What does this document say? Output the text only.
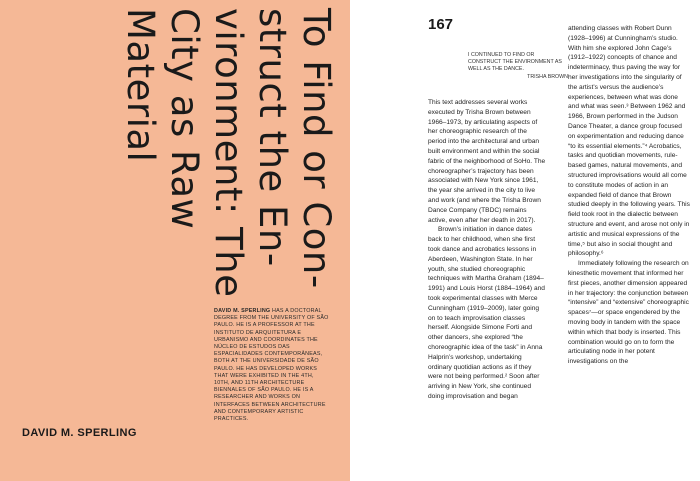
To Find or Con-
struct the En-
vironment: The
City as Raw
Material
DAVID M. SPERLING HAS A DOCTORAL DEGREE FROM THE UNIVERSITY OF SÃO PAULO. HE IS A PROFESSOR AT THE INSTITUTO DE ARQUITETURA E URBANISMO AND COORDINATES THE NÚCLEO DE ESTUDOS DAS ESPACIALIDADES CONTEMPORÂNEAS, BOTH AT THE UNIVERSIDADE DE SÃO PAULO. HE HAS DEVELOPED WORKS THAT WERE EXHIBITED IN THE 4TH, 10TH, AND 11TH ARCHITECTURE BIENNALES OF SÃO PAULO. HE IS A RESEARCHER AND WORKS ON INTERFACES BETWEEN ARCHITECTURE AND CONTEMPORARY ARTISTIC PRACTICES.
DAVID M. SPERLING
167
I CONTINUED TO FIND OR CONSTRUCT THE ENVIRONMENT AS WELL AS THE DANCE.
TRISHA BROWN

This text addresses several works executed by Trisha Brown between 1966–1973, by articulating aspects of her choreographic research of the period into the architectural and urban built environment and within the social fabric of the neighborhood of SoHo. The choreographer’s trajectory has been associated with New York since 1961, the year she arrived in the city to live and work (and where the Trisha Brown Dance Company (TBDC) remains active, even after her death in 2017).

Brown’s initiation in dance dates back to her childhood, when she first took dance and acrobatics lessons in Aberdeen, Washington State. In her youth, she studied choreographic techniques with Martha Graham (1894–1991) and Louis Horst (1884–1964) and took experimental classes with Merce Cunningham (1919–2009), later going on to teach improvisation classes herself. Alongside Simone Forti and other dancers, she explored “the choreographic idea of the task” in Anna Halprin’s workshop, undertaking ordinary quotidian actions as if they were not being performed.² Soon after arriving in New York, she continued doing improvisation and began

attending classes with Robert Dunn (1928–1996) at Cunningham’s studio. With him she explored John Cage’s (1912–1922) concepts of chance and indeterminacy, thus paving the way for her investigations into the singularity of the artist’s versus the audience’s experiences, between what was done and what was seen.³ Between 1962 and 1966, Brown performed in the Judson Dance Theater, a dance group focused on experimentation and reducing dance “to its essential elements.”⁴ Acrobatics, tasks and quotidian movements, rule-based games, natural movements, and structured improvisations would all come to constitute modes of action in an expanded field of dance that Brown studied deeply in the following years. This field took root in the dialectic between structure and event, and arose not only in artistic and musical expressions of the time,⁵ but also in social thought and philosophy.⁶

Immediately following the research on kinesthetic movement that informed her first pieces, another dimension appeared in her trajectory: the conjunction between “intensive” and “extensive” choreographic spaces⁷—or space engendered by the moving body in tandem with the space within which that body is inserted. This combination would go on to form the articulating node in her potent investigations on the
